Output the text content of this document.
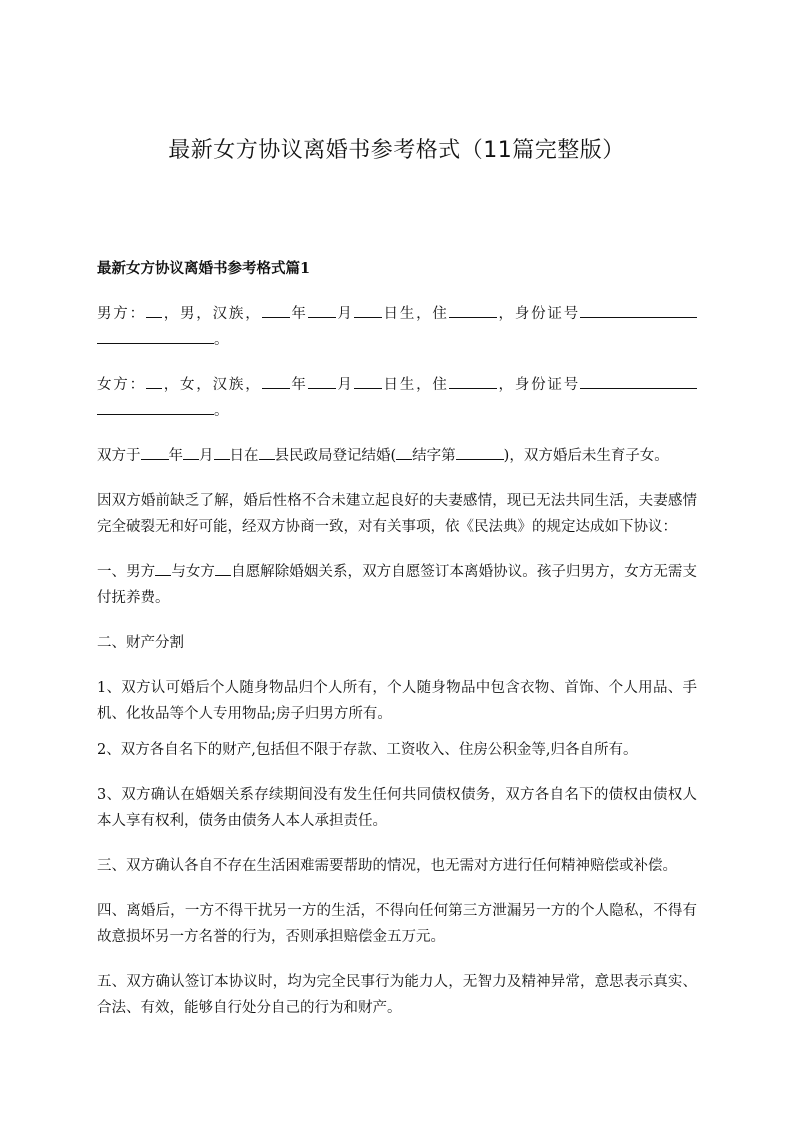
最新女方协议离婚书参考格式（11篇完整版）

最新女方协议离婚书参考格式篇1

男方： ，男，汉族， 年 月 日生，住	，身份证号。

女方： ，女，汉族， 年 月 日生，住	，身份证号。

双方于 年 月 日在 县民政局登记结婚( 结字第	)，双方婚后未生育子女。

因双方婚前缺乏了解，婚后性格不合未建立起良好的夫妻感情，现已无法共同生活，夫妻感情完全破裂无和好可能，经双方协商一致，对有关事项，依《民法典》的规定达成如下协议：

一、男方 与女方 自愿解除婚姻关系，双方自愿签订本离婚协议。孩子归男方，女方无需支付抚养费。

二、财产分割

1、双方认可婚后个人随身物品归个人所有，个人随身物品中包含衣物、首饰、个人用品、手机、化妆品等个人专用物品;房子归男方所有。

2、双方各自名下的财产,包括但不限于存款、工资收入、住房公积金等,归各自所有。

3、双方确认在婚姻关系存续期间没有发生任何共同债权债务，双方各自名下的债权由债权人本人享有权利，债务由债务人本人承担责任。

三、双方确认各自不存在生活困难需要帮助的情况，也无需对方进行任何精神赔偿或补偿。

四、离婚后，一方不得干扰另一方的生活，不得向任何第三方泄漏另一方的个人隐私，不得有故意损坏另一方名誉的行为，否则承担赔偿金五万元。

五、双方确认签订本协议时，均为完全民事行为能力人，无智力及精神异常，意思表示真实、合法、有效，能够自行处分自己的行为和财产。
